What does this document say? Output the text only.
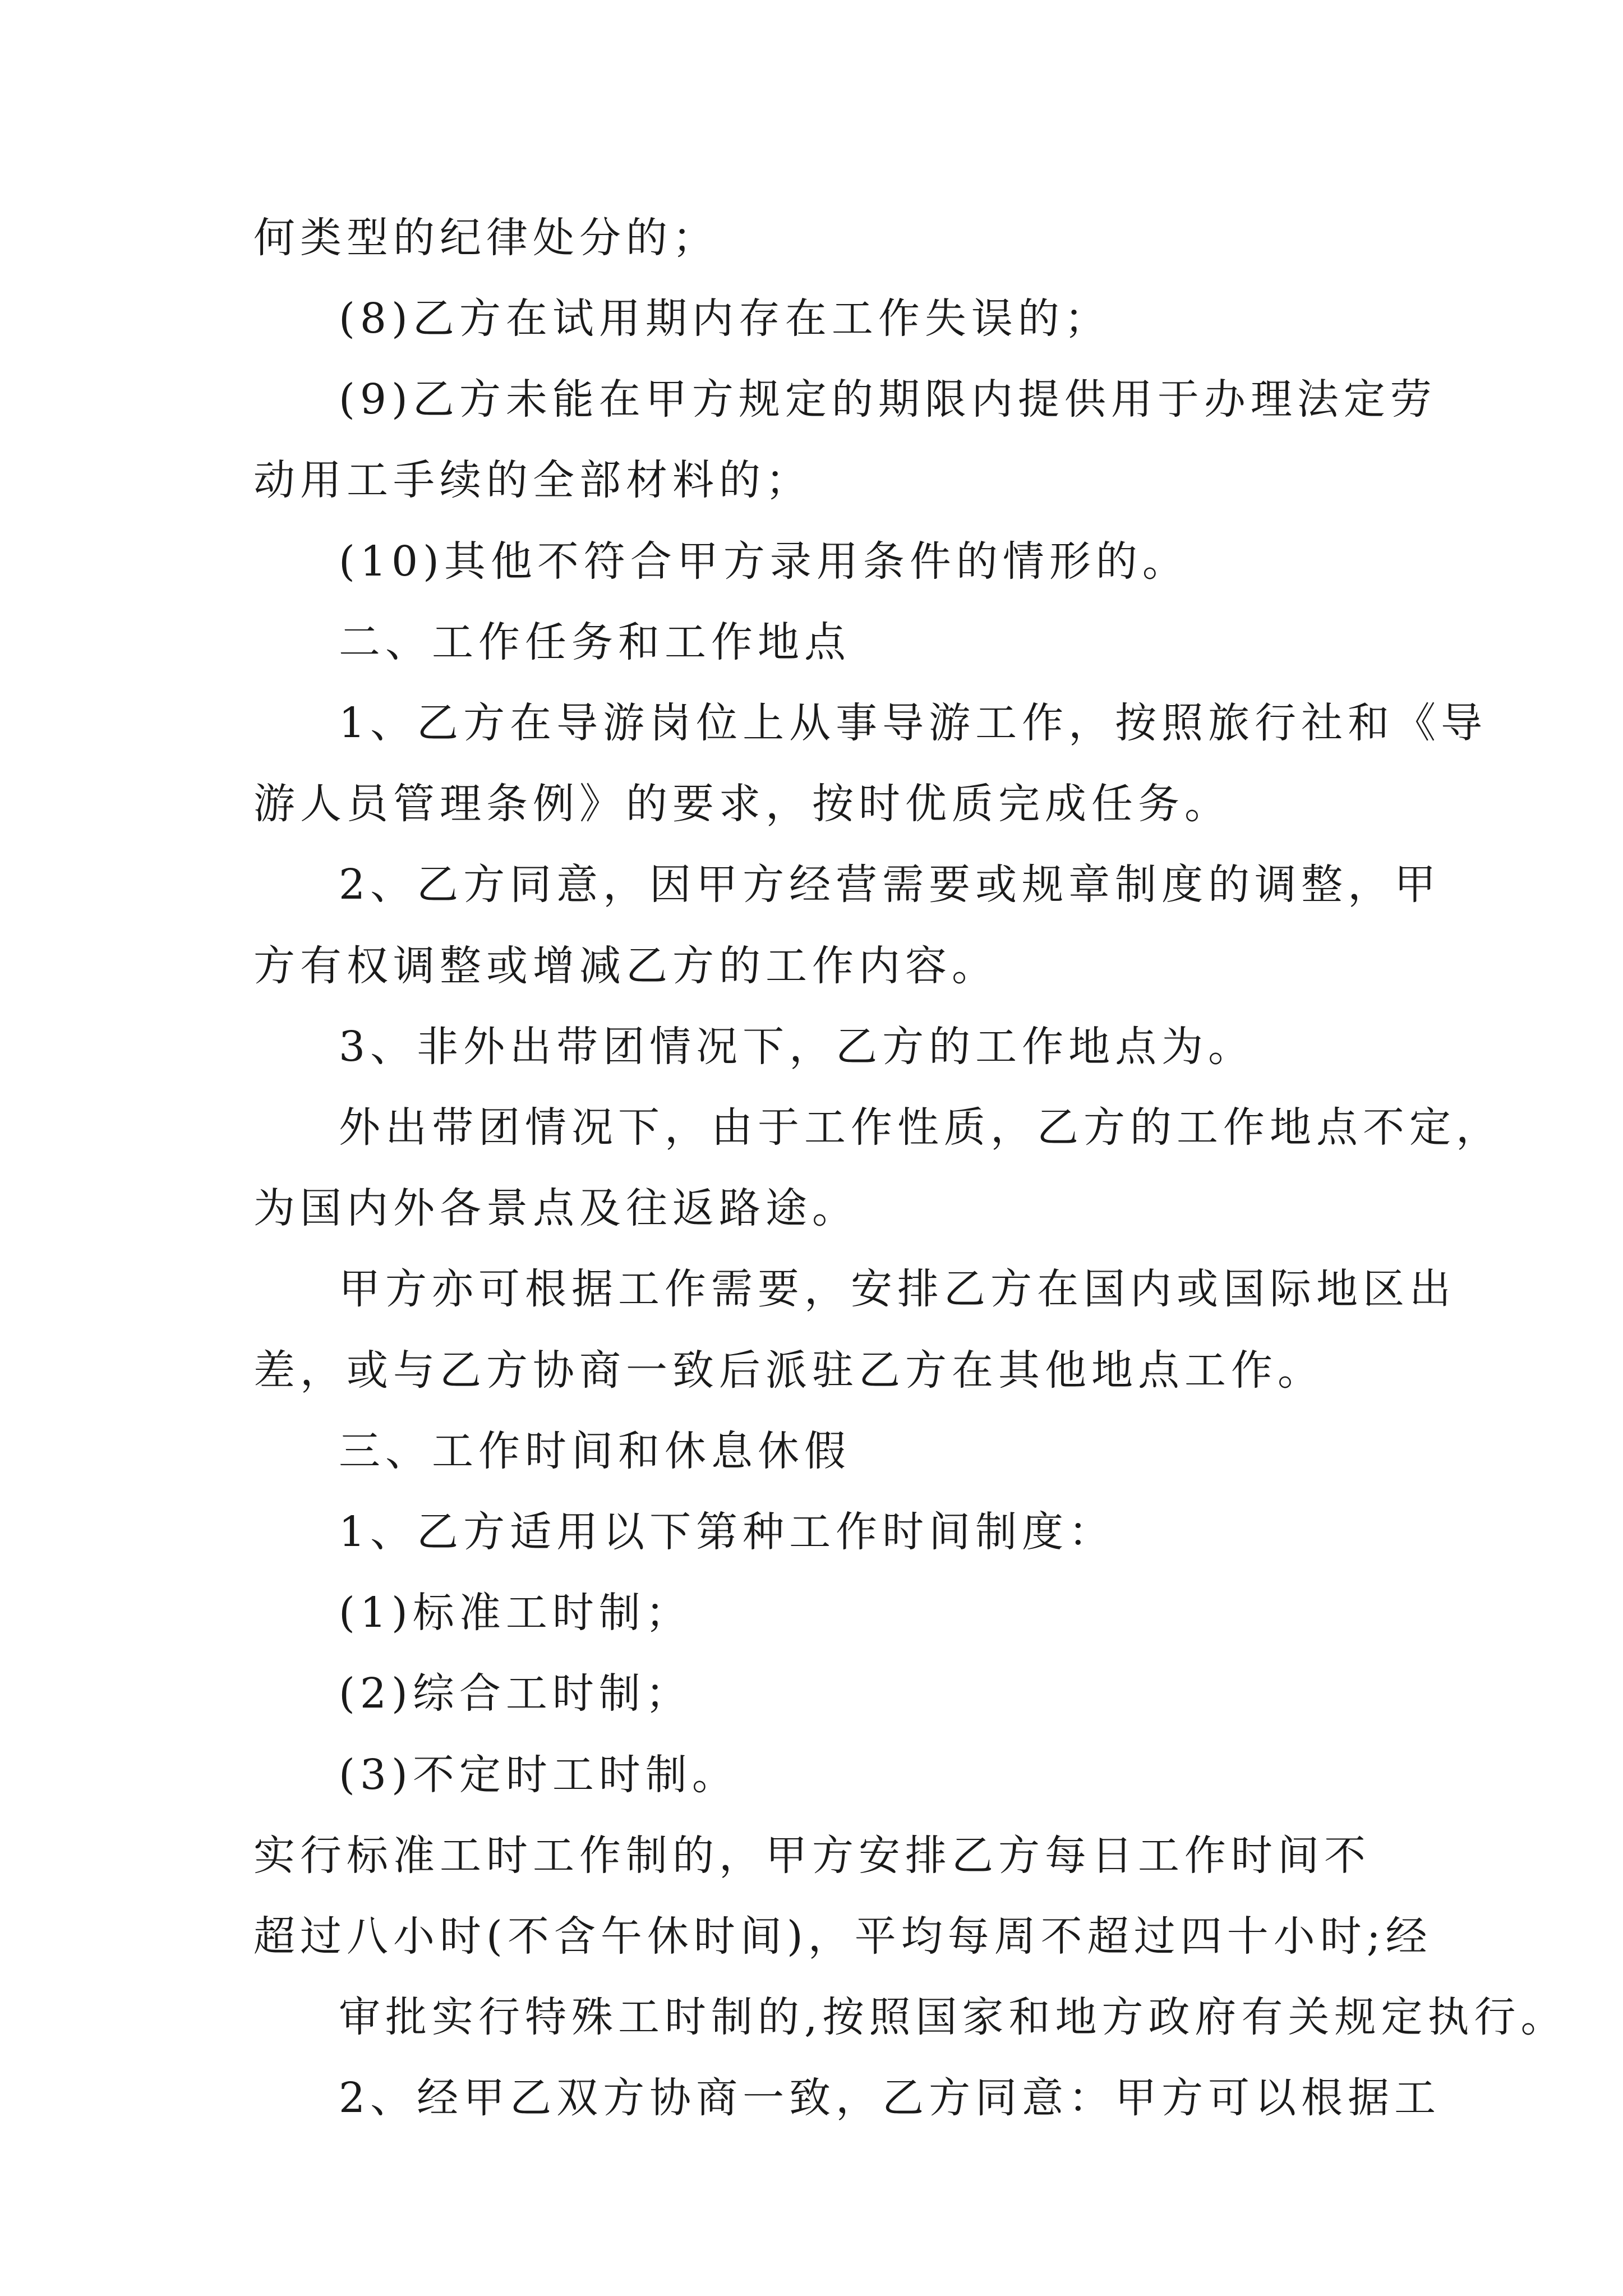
何类型的纪律处分的；
(8)乙方在试用期内存在工作失误的；
(9)乙方未能在甲方规定的期限内提供用于办理法定劳
动用工手续的全部材料的；
(10)其他不符合甲方录用条件的情形的。
二、工作任务和工作地点
1、乙方在导游岗位上从事导游工作，按照旅行社和《导
游人员管理条例》的要求，按时优质完成任务。
2、乙方同意，因甲方经营需要或规章制度的调整，甲
方有权调整或增减乙方的工作内容。
3、非外出带团情况下，乙方的工作地点为。
外出带团情况下，由于工作性质，乙方的工作地点不定，
为国内外各景点及往返路途。
甲方亦可根据工作需要，安排乙方在国内或国际地区出
差，或与乙方协商一致后派驻乙方在其他地点工作。
三、工作时间和休息休假
1、乙方适用以下第种工作时间制度：
(1)标准工时制；
(2)综合工时制；
(3)不定时工时制。
实行标准工时工作制的，甲方安排乙方每日工作时间不
超过八小时(不含午休时间)，平均每周不超过四十小时;经
审批实行特殊工时制的,按照国家和地方政府有关规定执行。
2、经甲乙双方协商一致，乙方同意：甲方可以根据工
